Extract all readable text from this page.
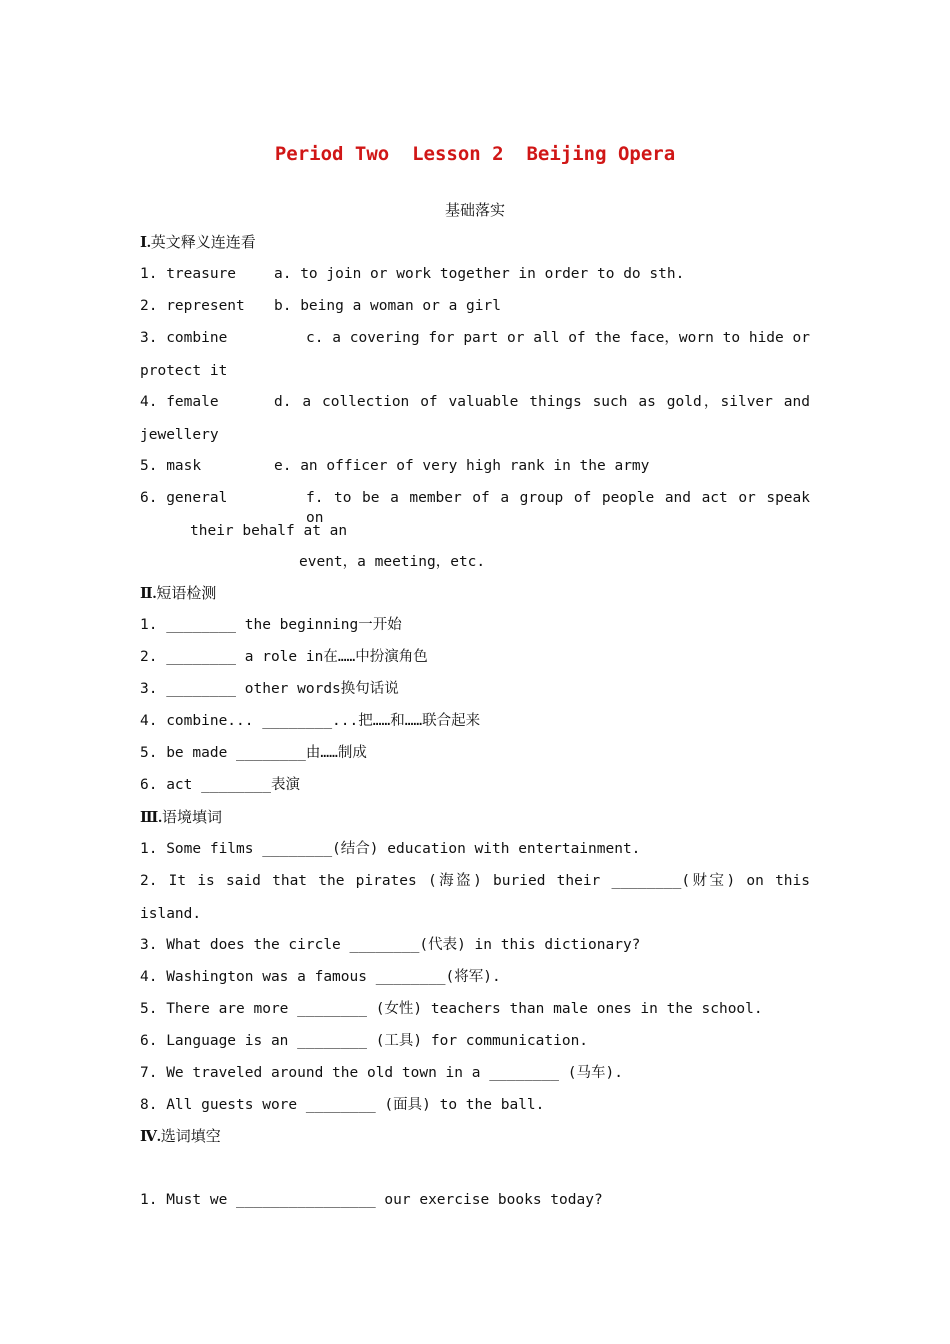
Period Two  Lesson 2  Beijing Opera
基础落实
Ⅰ.英文释义连连看
1. treasure	a. to join or work together in order to do sth.
2. represent b. being a woman or a girl
3. combine	c. a covering for part or all of the face，worn to hide or
protect it
4. female	d. a collection of valuable things such as gold，silver and
jewellery
5. mask	e. an officer of very high rank in the army
6. general	f. to be a member of a group of people and act or speak on
their behalf at an
event，a meeting，etc.
Ⅱ.短语检测
1. ________ the beginning一开始
2. ________ a role in在……中扮演角色
3. ________ other words换句话说
4. combine... ________...把……和……联合起来
5. be made ________由……制成
6. act ________表演
Ⅲ.语境填词
1. Some films ________(结合) education with entertainment.
2. It is said that the pirates (海盗) buried their ________(财宝) on this
island.
3. What does the circle ________(代表) in this dictionary?
4. Washington was a famous ________(将军).
5. There are more ________ (女性) teachers than male ones in the school.
6. Language is an ________ (工具) for communication.
7. We traveled around the old town in a ________ (马车).
8. All guests wore ________ (面具) to the ball.
Ⅳ.选词填空
1. Must we ________________ our exercise books today?
